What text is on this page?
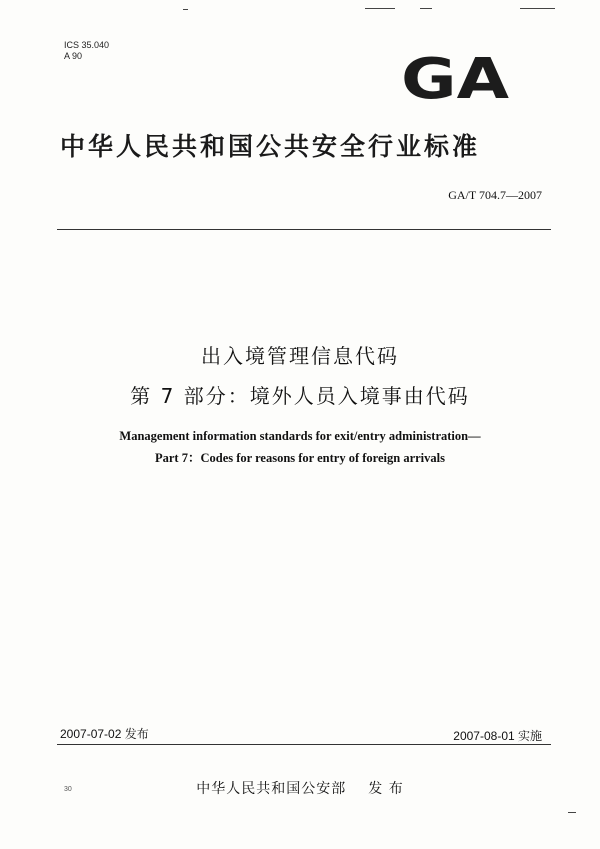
ICS 35.040
A 90	GA
中华人民共和国公共安全行业标准
GA/T 704.7—2007
出入境管理信息代码
第 7 部分：境外人员入境事由代码
Management information standards for exit/entry administration—
Part 7：Codes for reasons for entry of foreign arrivals
2007-07-02 发布	2007-08-01 实施
30	中华人民共和国公安部 发 布
